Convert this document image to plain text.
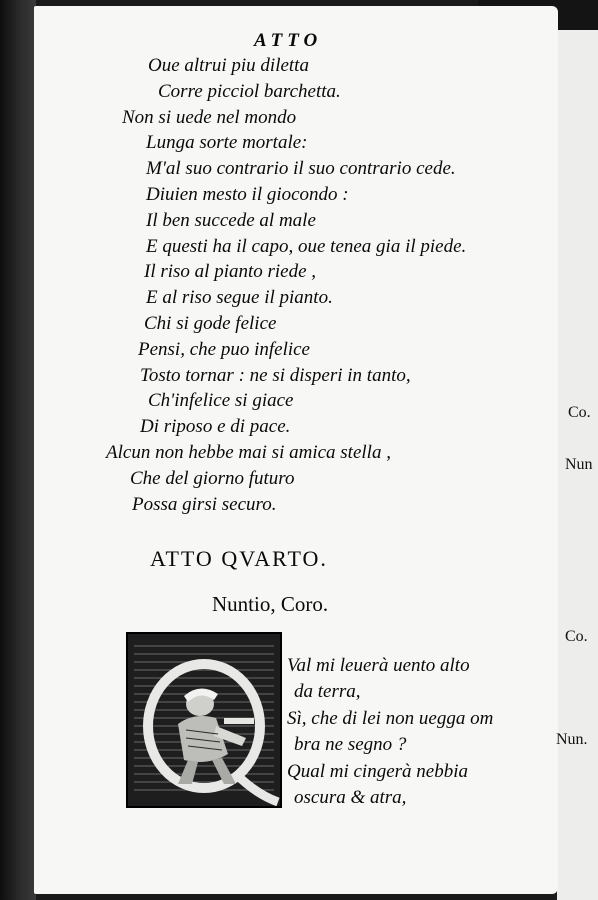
ATTO
Oue altrui piu diletta
Corre picciol barchetta.
Non si uede nel mondo
Lunga sorte mortale:
M'al suo contrario il suo contrario cede.
Diuien mesto il giocondo :
Il ben succede al male
E questi ha il capo, oue tenea gia il piede.
Il riso al pianto riede ,
E al riso segue il pianto.
Chi si gode felice
Pensi, che puo infelice
Tosto tornar : ne si disperi in tanto,
Ch'infelice si giace
Di riposo e di pace.
Alcun non hebbe mai si amica stella ,
Che del giorno futuro
Possa girsi securo.
ATTO QVARTO.
Nuntio, Coro.
Val mi leuerà uento alto
da terra,
Sì, che di lei non uegga om
bra ne segno ?
Qual mi cingerà nebbia
oscura & atra,
Co.
Nun
Co.
Nun.
